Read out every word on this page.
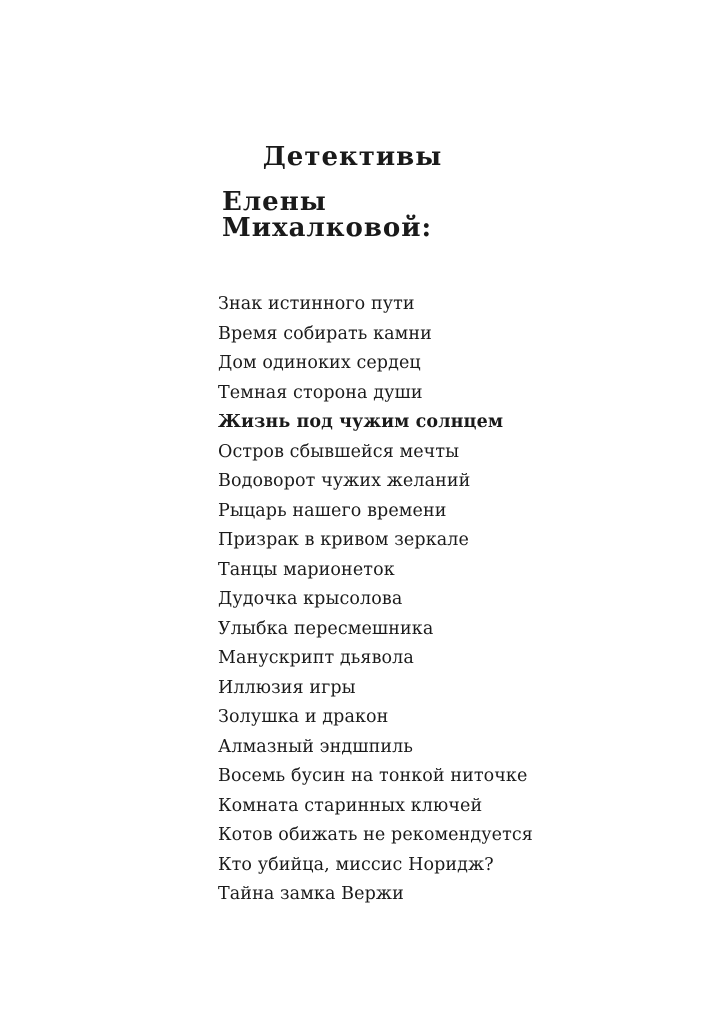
Детективы
Елены Михалковой:
Знак истинного пути
Время собирать камни
Дом одиноких сердец
Темная сторона души
Жизнь под чужим солнцем
Остров сбывшейся мечты
Водоворот чужих желаний
Рыцарь нашего времени
Призрак в кривом зеркале
Танцы марионеток
Дудочка крысолова
Улыбка пересмешника
Манускрипт дьявола
Иллюзия игры
Золушка и дракон
Алмазный эндшпиль
Восемь бусин на тонкой ниточке
Комната старинных ключей
Котов обижать не рекомендуется
Кто убийца, миссис Норидж?
Тайна замка Вержи
